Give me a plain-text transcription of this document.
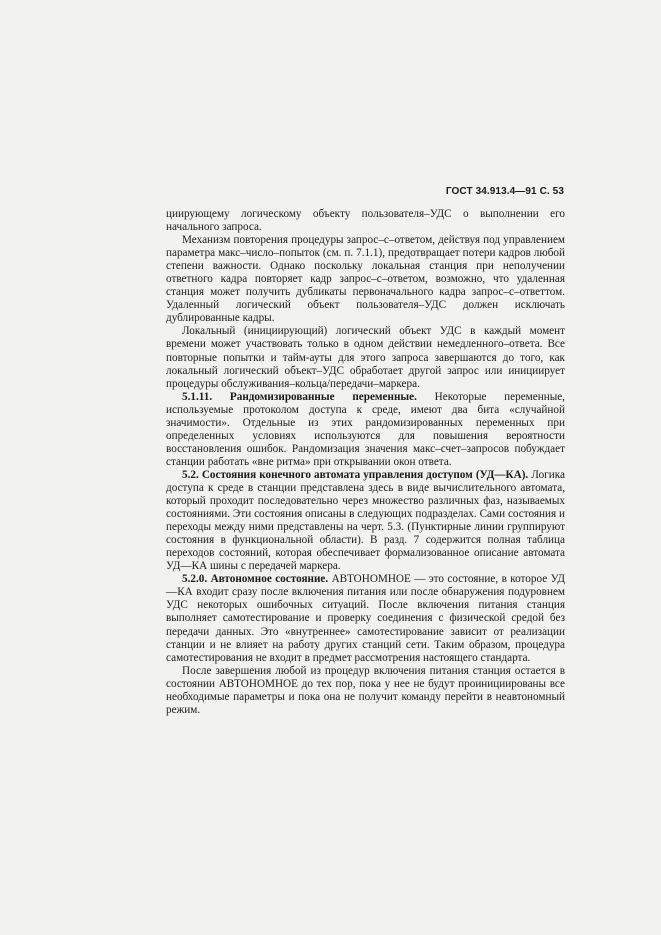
ГОСТ 34.913.4—91 С. 53

циирующему логическому объекту пользователя–УДС о выполнении его начального запроса.

Механизм повторения процедуры запрос–с–ответом, действуя под управлением параметра макс–число–попыток (см. п. 7.1.1), предотвращает потери кадров любой степени важности. Однако поскольку локальная станция при неполучении ответного кадра повторяет кадр запрос–с–ответом, возможно, что удаленная станция может получить дубликаты первоначального кадра запрос–с–ответтом. Удаленный логический объект пользователя–УДС должен исключать дублированные кадры.

Локальный (инициирующий) логический объект УДС в каждый момент времени может участвовать только в одном действии немедленного–ответа. Все повторные попытки и тайм-ауты для этого запроса завершаются до того, как локальный логический объект–УДС обработает другой запрос или инициирует процедуры обслуживания–кольца/передачи–маркера.

5.1.11. Рандомизированные переменные. Некоторые переменные, используемые протоколом доступа к среде, имеют два бита «случайной значимости». Отдельные из этих рандомизированных переменных при определенных условиях используются для повышения вероятности восстановления ошибок. Рандомизация значения макс–счет–запросов побуждает станции работать «вне ритма» при открывании окон ответа.

5.2. Состояния конечного автомата управления доступом (УД—КА). Логика доступа к среде в станции представлена здесь в виде вычислительного автомата, который проходит последовательно через множество различных фаз, называемых состояниями. Эти состояния описаны в следующих подразделах. Сами состояния и переходы между ними представлены на черт. 5.3. (Пунктирные линии группируют состояния в функциональной области). В разд. 7 содержится полная таблица переходов состояний, которая обеспечивает формализованное описание автомата УД—КА шины с передачей маркера.

5.2.0. Автономное состояние. АВТОНОМНОЕ — это состояние, в которое УД—КА входит сразу после включения питания или после обнаружения подуровнем УДС некоторых ошибочных ситуаций. После включения питания станция выполняет самотестирование и проверку соединения с физической средой без передачи данных. Это «внутреннее» самотестирование зависит от реализации станции и не влияет на работу других станций сети. Таким образом, процедура самотестирования не входит в предмет рассмотрения настоящего стандарта.

После завершения любой из процедур включения питания станция остается в состоянии АВТОНОМНОЕ до тех пор, пока у нее не будут проинициированы все необходимые параметры и пока она не получит команду перейти в неавтономный режим.
